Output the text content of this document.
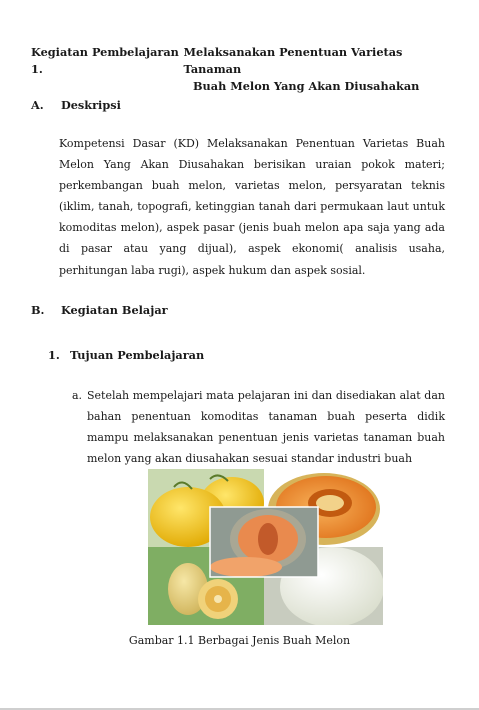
Kegiatan Pembelajaran 1.
Melaksanakan Penentuan Varietas Tanaman
Buah Melon Yang Akan Diusahakan
A. Deskripsi
Kompetensi Dasar (KD) Melaksanakan Penentuan Varietas Buah Melon Yang Akan Diusahakan berisikan uraian pokok materi; perkembangan buah melon, varietas melon, persyaratan teknis (iklim, tanah, topografi, ketinggian tanah dari permukaan laut untuk komoditas melon), aspek pasar (jenis buah melon apa saja yang ada di pasar atau yang dijual), aspek ekonomi( analisis usaha, perhitungan laba rugi), aspek hukum dan aspek sosial.
B. Kegiatan Belajar
1. Tujuan Pembelajaran
a. Setelah mempelajari mata pelajaran ini dan disediakan alat dan bahan penentuan komoditas tanaman buah peserta didik mampu melaksanakan penentuan jenis varietas tanaman buah melon yang akan diusahakan sesuai standar industri buah
Gambar 1.1 Berbagai Jenis Buah Melon
